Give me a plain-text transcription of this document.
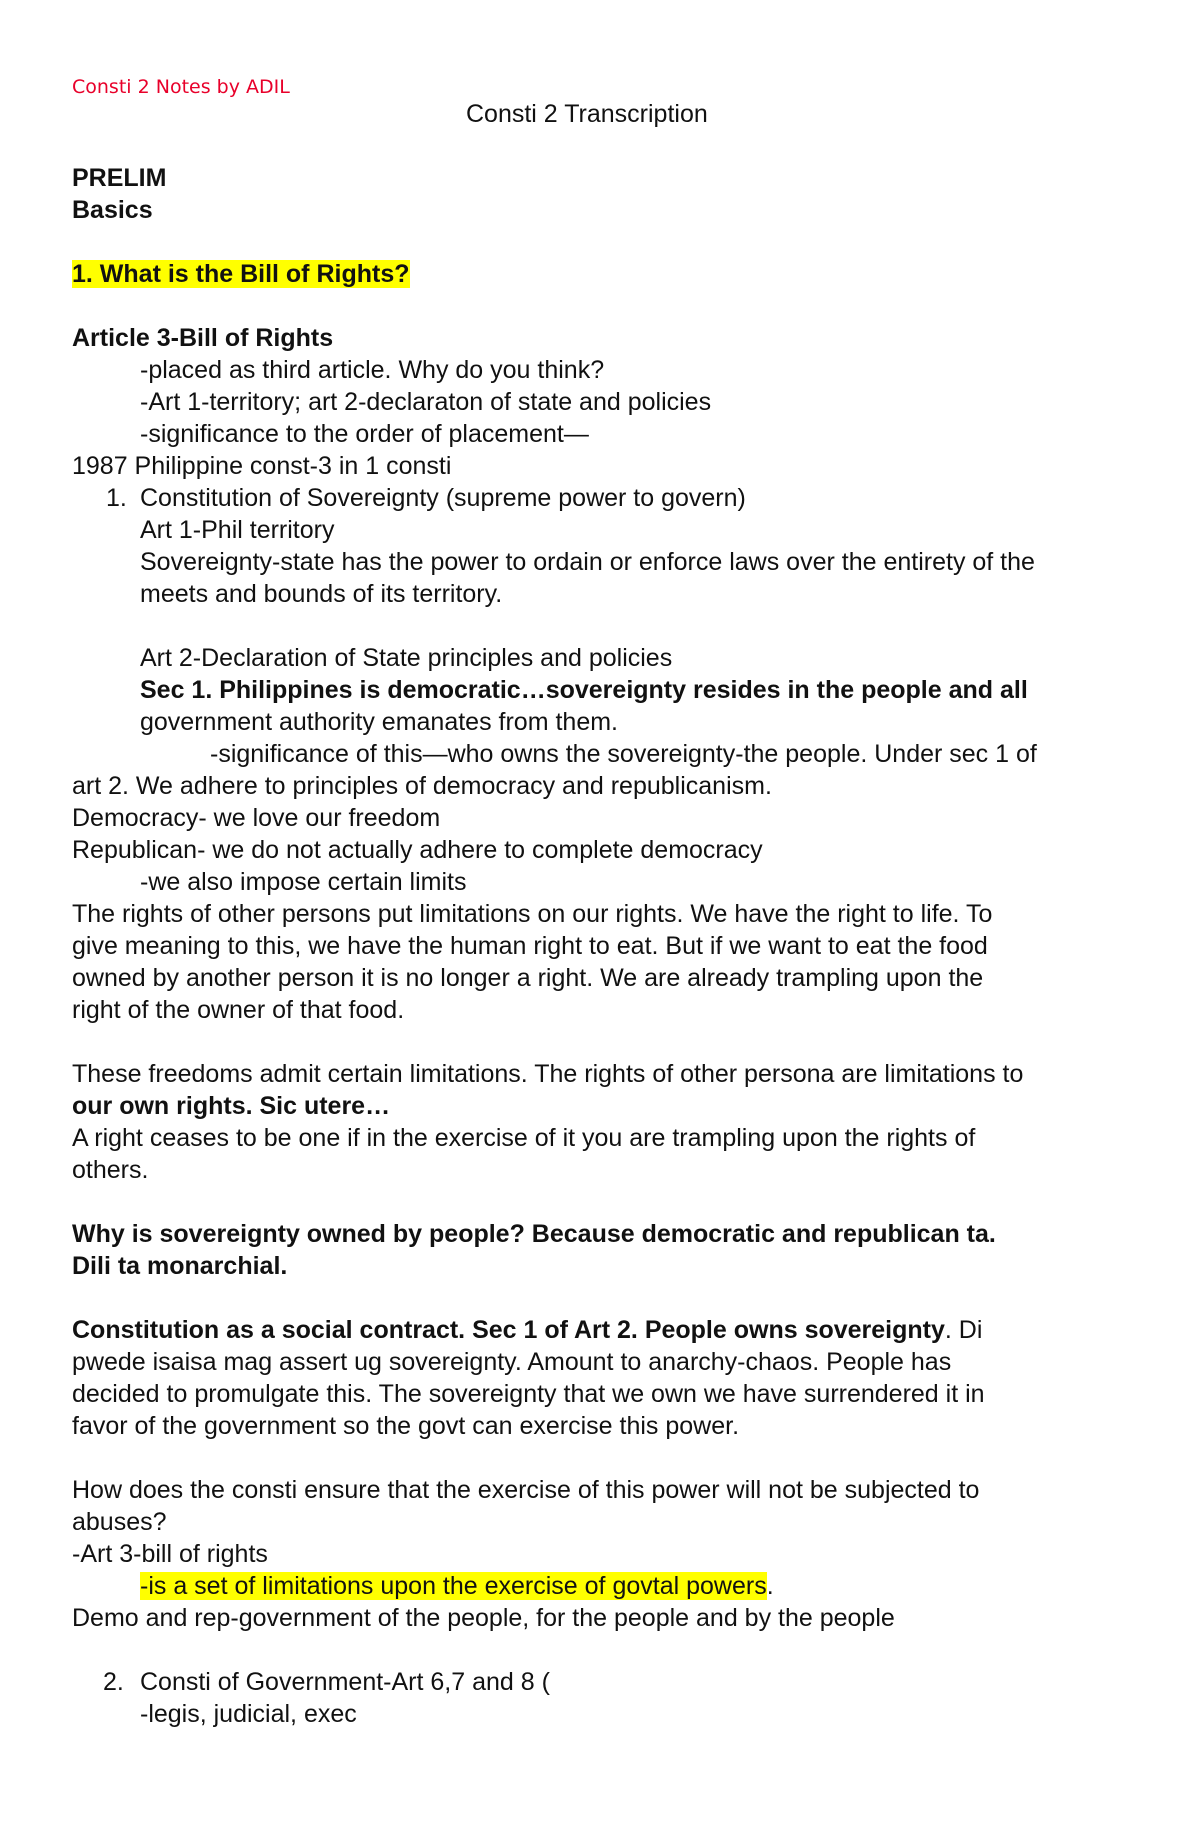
Consti 2 Notes by ADIL
Consti 2 Transcription
PRELIM
Basics
1. What is the Bill of Rights?
Article 3-Bill of Rights
-placed as third article. Why do you think?
-Art 1-territory; art 2-declaraton of state and policies
-significance to the order of placement—
1987 Philippine const-3 in 1 consti
1. Constitution of Sovereignty (supreme power to govern)
Art 1-Phil territory
Sovereignty-state has the power to ordain or enforce laws over the entirety of the
meets and bounds of its territory.
Art 2-Declaration of State principles and policies
Sec 1. Philippines is democratic…sovereignty resides in the people and all
government authority emanates from them.
-significance of this—who owns the sovereignty-the people. Under sec 1 of
art 2. We adhere to principles of democracy and republicanism.
Democracy- we love our freedom
Republican- we do not actually adhere to complete democracy
-we also impose certain limits
The rights of other persons put limitations on our rights. We have the right to life. To
give meaning to this, we have the human right to eat. But if we want to eat the food
owned by another person it is no longer a right. We are already trampling upon the
right of the owner of that food.
These freedoms admit certain limitations. The rights of other persona are limitations to
our own rights. Sic utere…
A right ceases to be one if in the exercise of it you are trampling upon the rights of
others.
Why is sovereignty owned by people? Because democratic and republican ta.
Dili ta monarchial.
Constitution as a social contract. Sec 1 of Art 2. People owns sovereignty. Di
pwede isaisa mag assert ug sovereignty. Amount to anarchy-chaos. People has
decided to promulgate this. The sovereignty that we own we have surrendered it in
favor of the government so the govt can exercise this power.
How does the consti ensure that the exercise of this power will not be subjected to
abuses?
-Art 3-bill of rights
-is a set of limitations upon the exercise of govtal powers.
Demo and rep-government of the people, for the people and by the people
2. Consti of Government-Art 6,7 and 8 (
-legis, judicial, exec
